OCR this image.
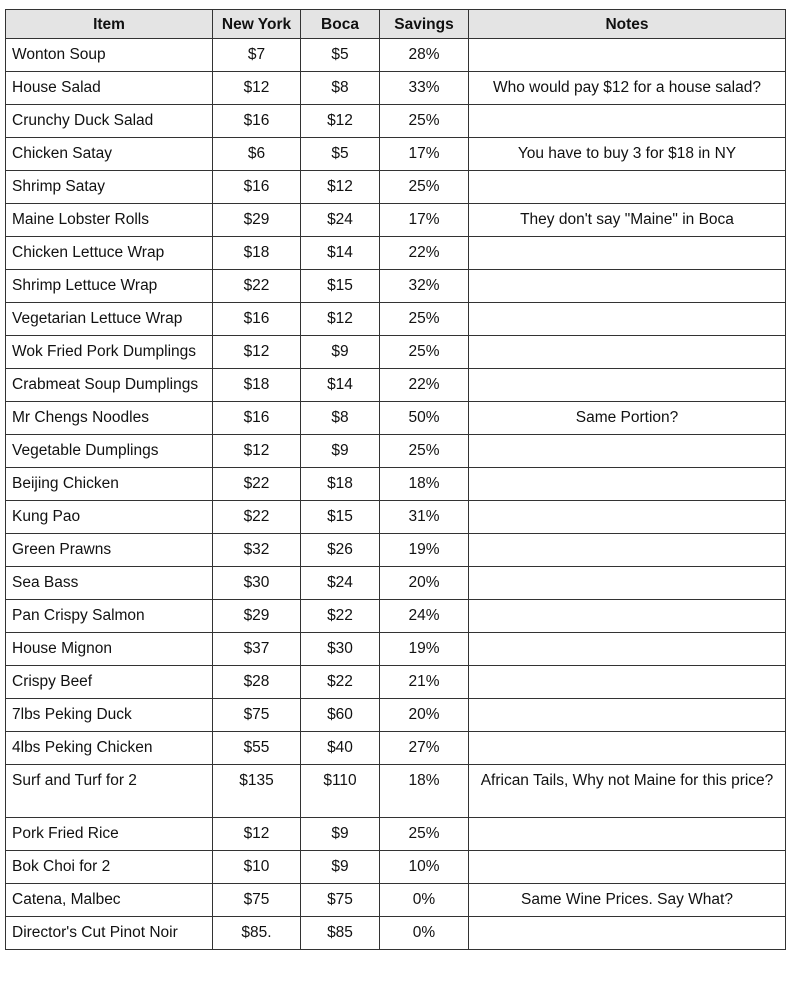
Item	New York	Boca	Savings	Notes
Wonton Soup	$7	$5	28%	
House Salad	$12	$8	33%	Who would pay $12 for a house salad?
Crunchy Duck Salad	$16	$12	25%	
Chicken Satay	$6	$5	17%	You have to buy 3 for $18 in NY
Shrimp Satay	$16	$12	25%	
Maine Lobster Rolls	$29	$24	17%	They don't say "Maine" in Boca
Chicken Lettuce Wrap	$18	$14	22%	
Shrimp Lettuce Wrap	$22	$15	32%	
Vegetarian Lettuce Wrap	$16	$12	25%	
Wok Fried Pork Dumplings	$12	$9	25%	
Crabmeat Soup Dumplings	$18	$14	22%	
Mr Chengs Noodles	$16	$8	50%	Same Portion?
Vegetable Dumplings	$12	$9	25%	
Beijing Chicken	$22	$18	18%	
Kung Pao	$22	$15	31%	
Green Prawns	$32	$26	19%	
Sea Bass	$30	$24	20%	
Pan Crispy Salmon	$29	$22	24%	
House Mignon	$37	$30	19%	
Crispy Beef	$28	$22	21%	
7lbs Peking Duck	$75	$60	20%	
4lbs Peking Chicken	$55	$40	27%	
Surf and Turf for 2	$135	$110	18%	African Tails, Why not Maine for this price?
Pork Fried Rice	$12	$9	25%	
Bok Choi for 2	$10	$9	10%	
Catena, Malbec	$75	$75	0%	Same Wine Prices. Say What?
Director's Cut Pinot Noir	$85.	$85	0%	
